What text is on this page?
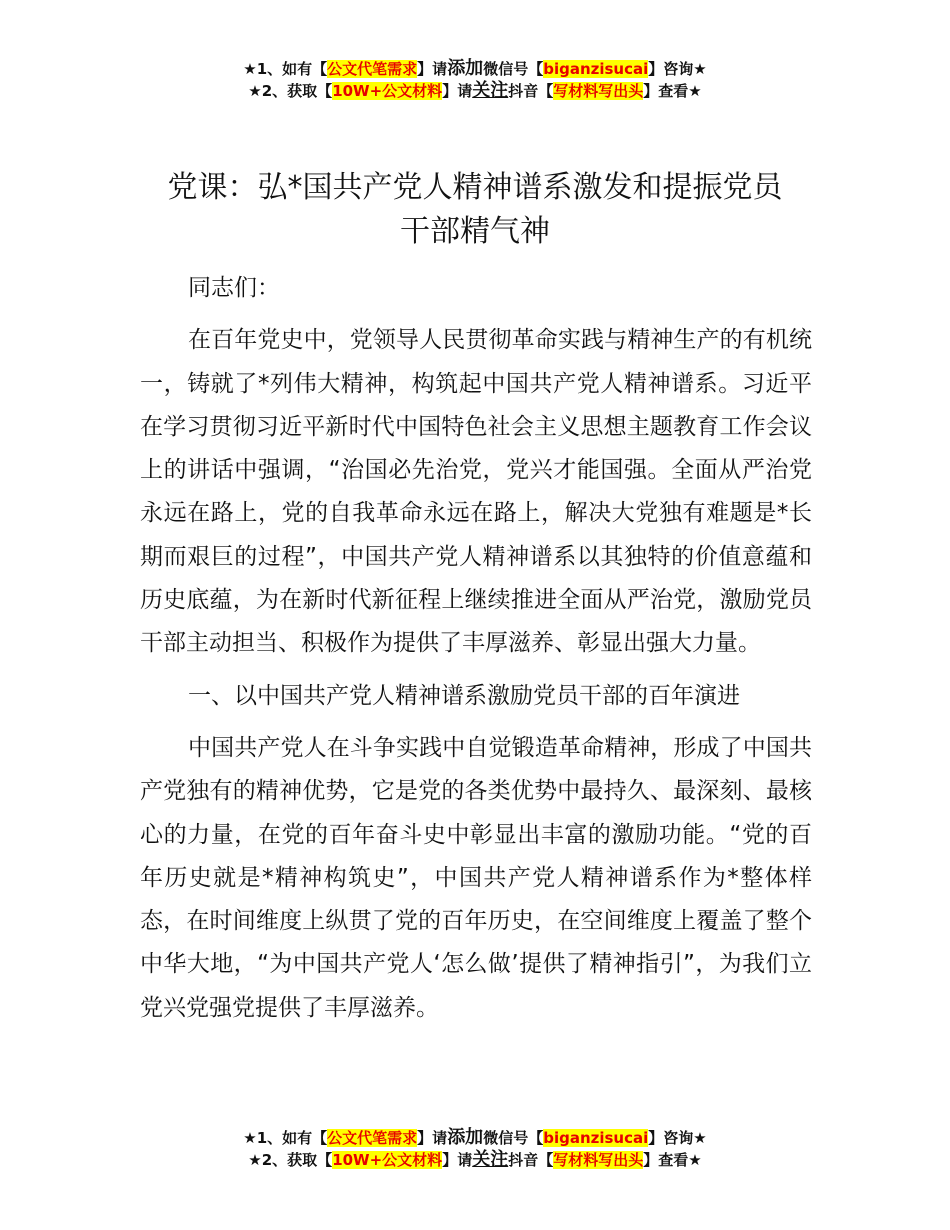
★1、如有【公文代笔需求】请添加微信号【biganzisucai】咨询★
★2、获取【10W+公文材料】请关注抖音【写材料写出头】查看★
党课：弘*国共产党人精神谱系激发和提振党员
干部精气神

同志们：

在百年党史中，党领导人民贯彻革命实践与精神生产的有机统一，铸就了*列伟大精神，构筑起中国共产党人精神谱系。习近平在学习贯彻习近平新时代中国特色社会主义思想主题教育工作会议上的讲话中强调，“治国必先治党，党兴才能国强。全面从严治党永远在路上，党的自我革命永远在路上，解决大党独有难题是*长期而艰巨的过程”，中国共产党人精神谱系以其独特的价值意蕴和历史底蕴，为在新时代新征程上继续推进全面从严治党，激励党员干部主动担当、积极作为提供了丰厚滋养、彰显出强大力量。

一、以中国共产党人精神谱系激励党员干部的百年演进

中国共产党人在斗争实践中自觉锻造革命精神，形成了中国共产党独有的精神优势，它是党的各类优势中最持久、最深刻、最核心的力量，在党的百年奋斗史中彰显出丰富的激励功能。“党的百年历史就是*精神构筑史”，中国共产党人精神谱系作为*整体样态，在时间维度上纵贯了党的百年历史，在空间维度上覆盖了整个中华大地，“为中国共产党人‘怎么做’提供了精神指引”，为我们立党兴党强党提供了丰厚滋养。

★1、如有【公文代笔需求】请添加微信号【biganzisucai】咨询★
★2、获取【10W+公文材料】请关注抖音【写材料写出头】查看★
